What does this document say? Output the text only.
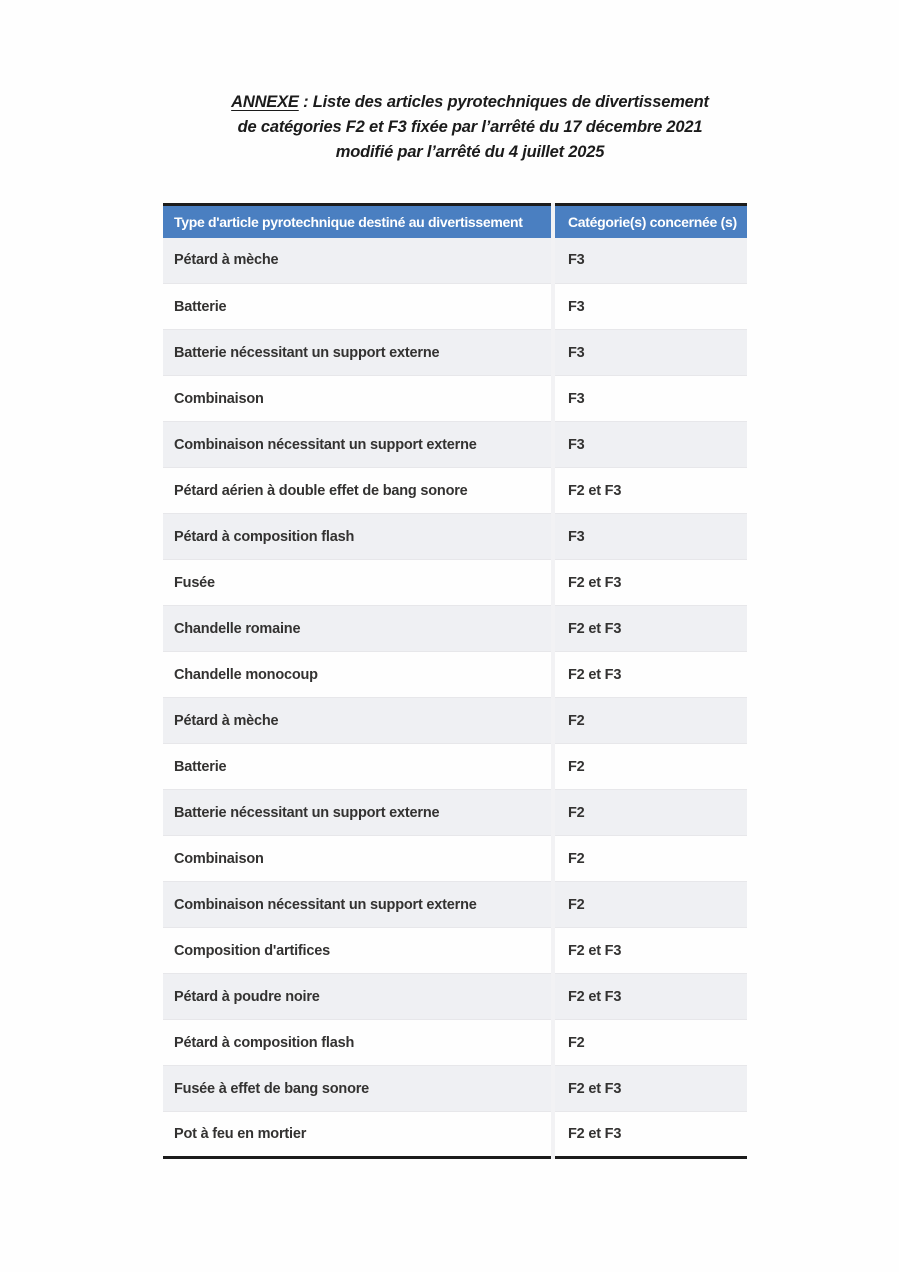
ANNEXE : Liste des articles pyrotechniques de divertissement
de catégories F2 et F3 fixée par l’arrêté du 17 décembre 2021
modifié par l’arrêté du 4 juillet 2025
Type d'article pyrotechnique destiné au divertissement	Catégorie(s) concernée (s)
Pétard à mèche	F3
Batterie	F3
Batterie nécessitant un support externe	F3
Combinaison	F3
Combinaison nécessitant un support externe	F3
Pétard aérien à double effet de bang sonore	F2 et F3
Pétard à composition flash	F3
Fusée	F2 et F3
Chandelle romaine	F2 et F3
Chandelle monocoup	F2 et F3
Pétard à mèche	F2
Batterie	F2
Batterie nécessitant un support externe	F2
Combinaison	F2
Combinaison nécessitant un support externe	F2
Composition d'artifices	F2 et F3
Pétard à poudre noire	F2 et F3
Pétard à composition flash	F2
Fusée à effet de bang sonore	F2 et F3
Pot à feu en mortier	F2 et F3
